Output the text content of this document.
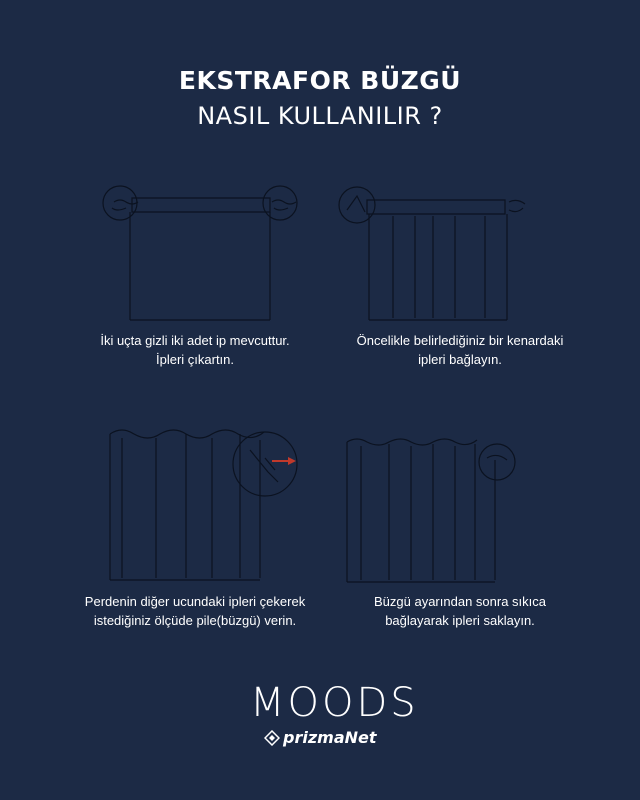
EKSTRAFOR BÜZGÜ
NASIL KULLANILIR ?
İki uçta gizli iki adet ip mevcuttur.
İpleri çıkartın.
Öncelikle belirlediğiniz bir kenardaki
ipleri bağlayın.
Perdenin diğer ucundaki ipleri çekerek
istediğiniz ölçüde pile(büzgü) verin.
Büzgü ayarından sonra sıkıca
bağlayarak ipleri saklayın.
MOODS
prizmaNet
